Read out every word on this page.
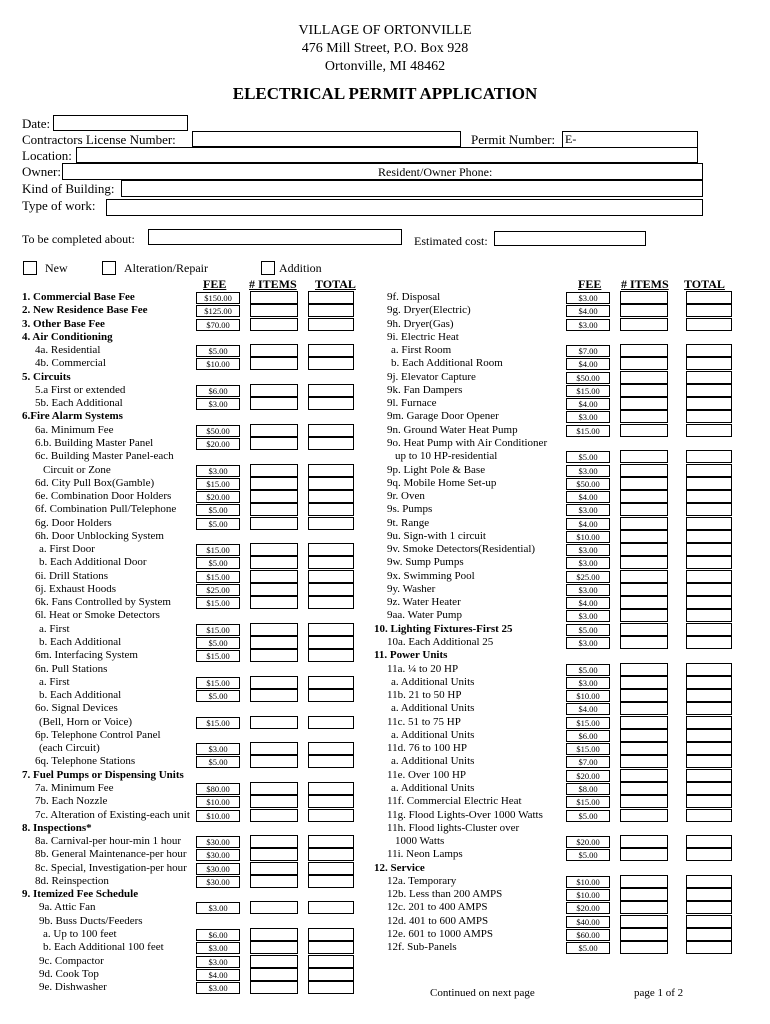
VILLAGE OF ORTONVILLE
476 Mill Street, P.O. Box 928
Ortonville, MI 48462
ELECTRICAL PERMIT APPLICATION
Date:
Contractors License Number:	Permit Number: E-
Location:
Owner:	Resident/Owner Phone:
Kind of Building:
Type of work:
To be completed about:	Estimated cost:
New	Alteration/Repair	Addition
FEE # ITEMS TOTAL	FEE # ITEMS TOTAL
1. Commercial Base Fee	$150.00
2. New Residence Base Fee	$125.00
3. Other Base Fee	$70.00
4. Air Conditioning
4a. Residential	$5.00
4b. Commercial	$10.00
5. Circuits
5.a First or extended	$6.00
5b. Each Additional	$3.00
6.Fire Alarm Systems
6a. Minimum Fee	$50.00
6.b. Building Master Panel	$20.00
6c. Building Master Panel-each
Circuit or Zone	$3.00
6d. City Pull Box(Gamble)	$15.00
6e. Combination Door Holders	$20.00
6f. Combination Pull/Telephone	$5.00
6g. Door Holders	$5.00
6h. Door Unblocking System
a. First Door	$15.00
b. Each Additional Door	$5.00
6i. Drill Stations	$15.00
6j. Exhaust Hoods	$25.00
6k. Fans Controlled by System	$15.00
6l. Heat or Smoke Detectors
a. First	$15.00
b. Each Additional	$5.00
6m. Interfacing System	$15.00
6n. Pull Stations
a. First	$15.00
b. Each Additional	$5.00
6o. Signal Devices
(Bell, Horn or Voice)	$15.00
6p. Telephone Control Panel
(each Circuit)	$3.00
6q. Telephone Stations	$5.00
7. Fuel Pumps or Dispensing Units
7a. Minimum Fee	$80.00
7b. Each Nozzle	$10.00
7c. Alteration of Existing-each unit	$10.00
8. Inspections*
8a. Carnival-per hour-min 1 hour	$30.00
8b. General Maintenance-per hour	$30.00
8c. Special, Investigation-per hour	$30.00
8d. Reinspection	$30.00
9. Itemized Fee Schedule
9a. Attic Fan	$3.00
9b. Buss Ducts/Feeders
a. Up to 100 feet	$6.00
b. Each Additional 100 feet	$3.00
9c. Compactor	$3.00
9d. Cook Top	$4.00
9e. Dishwasher	$3.00
9f. Disposal	$3.00
9g. Dryer(Electric)	$4.00
9h. Dryer(Gas)	$3.00
9i. Electric Heat
a. First Room	$7.00
b. Each Additional Room	$4.00
9j. Elevator Capture	$50.00
9k. Fan Dampers	$15.00
9l. Furnace	$4.00
9m. Garage Door Opener	$3.00
9n. Ground Water Heat Pump	$15.00
9o. Heat Pump with Air Conditioner
up to 10 HP-residential	$5.00
9p. Light Pole & Base	$3.00
9q. Mobile Home Set-up	$50.00
9r. Oven	$4.00
9s. Pumps	$3.00
9t. Range	$4.00
9u. Sign-with 1 circuit	$10.00
9v. Smoke Detectors(Residential)	$3.00
9w. Sump Pumps	$3.00
9x. Swimming Pool	$25.00
9y. Washer	$3.00
9z. Water Heater	$4.00
9aa. Water Pump	$3.00
10. Lighting Fixtures-First 25	$5.00
10a. Each Additional 25	$3.00
11. Power Units
11a. ¼ to 20 HP	$5.00
a. Additional Units	$3.00
11b. 21 to 50 HP	$10.00
a. Additional Units	$4.00
11c. 51 to 75 HP	$15.00
a. Additional Units	$6.00
11d. 76 to 100 HP	$15.00
a. Additional Units	$7.00
11e. Over 100 HP	$20.00
a. Additional Units	$8.00
11f. Commercial Electric Heat	$15.00
11g. Flood Lights-Over 1000 Watts	$5.00
11h. Flood lights-Cluster over
1000 Watts	$20.00
11i. Neon Lamps	$5.00
12. Service
12a. Temporary	$10.00
12b. Less than 200 AMPS	$10.00
12c. 201 to 400 AMPS	$20.00
12d. 401 to 600 AMPS	$40.00
12e. 601 to 1000 AMPS	$60.00
12f. Sub-Panels	$5.00
Continued on next page	page 1 of 2
